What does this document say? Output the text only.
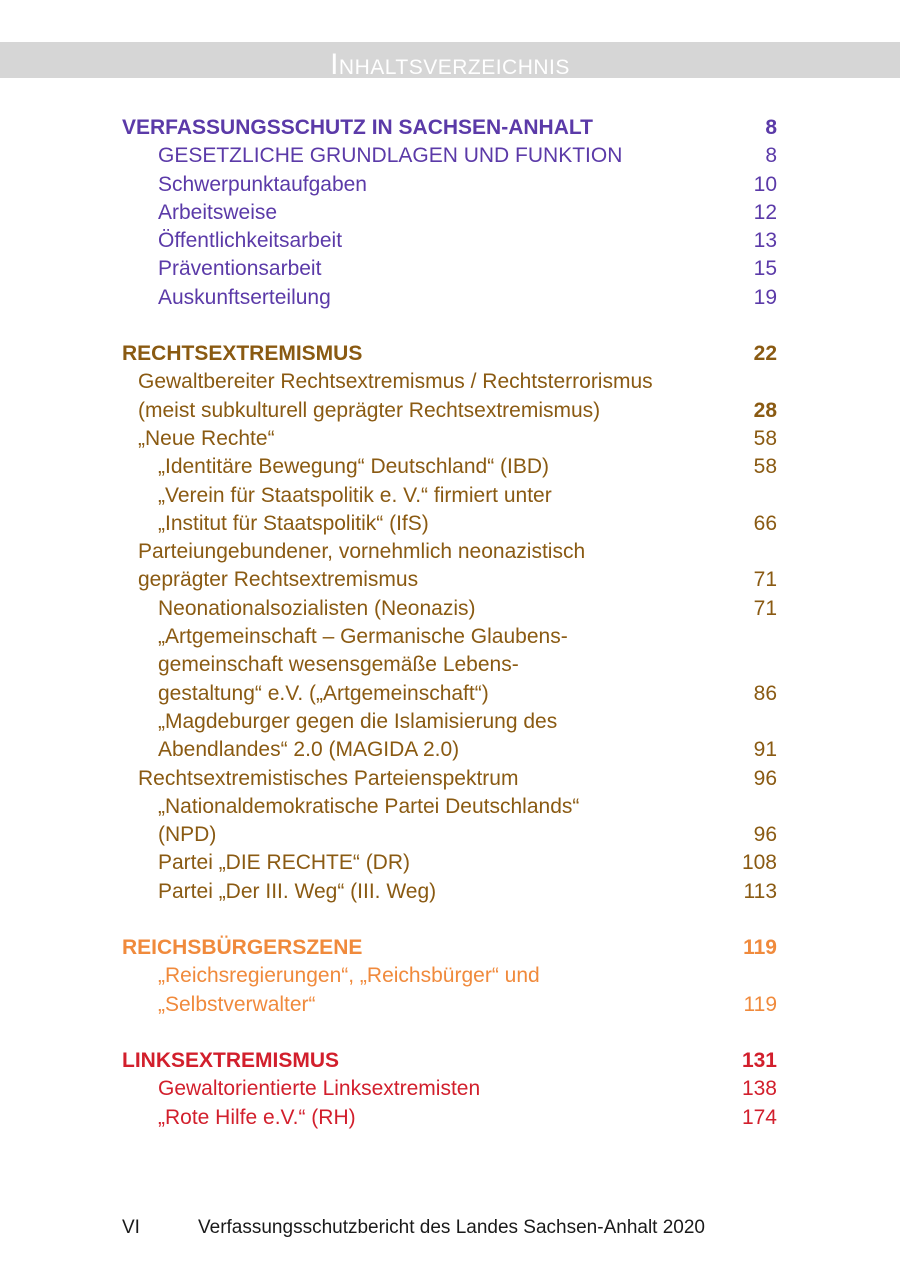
Inhaltsverzeichnis
VERFASSUNGSSCHUTZ IN SACHSEN-ANHALT	8
GESETZLICHE GRUNDLAGEN UND FUNKTION	8
Schwerpunktaufgaben	10
Arbeitsweise	12
Öffentlichkeitsarbeit	13
Präventionsarbeit	15
Auskunftserteilung	19
RECHTSEXTREMISMUS	22
Gewaltbereiter Rechtsextremismus / Rechtsterrorismus
(meist subkulturell geprägter Rechtsextremismus)	28
„Neue Rechte“	58
„Identitäre Bewegung“ Deutschland“ (IBD)	58
„Verein für Staatspolitik e. V.“ firmiert unter
„Institut für Staatspolitik“ (IfS)	66
Parteiungebundener, vornehmlich neonazistisch
geprägter Rechtsextremismus	71
Neonationalsozialisten (Neonazis)	71
„Artgemeinschaft – Germanische Glaubens-
gemeinschaft wesensgemäße Lebens-
gestaltung“ e.V. („Artgemeinschaft“)	86
„Magdeburger gegen die Islamisierung des
Abendlandes“ 2.0 (MAGIDA 2.0)	91
Rechtsextremistisches Parteienspektrum	96
„Nationaldemokratische Partei Deutschlands“
(NPD)	96
Partei „DIE RECHTE“ (DR)	108
Partei „Der III. Weg“ (III. Weg)	113
REICHSBÜRGERSZENE	119
„Reichsregierungen“, „Reichsbürger“ und
„Selbstverwalter“	119
LINKSEXTREMISMUS	131
Gewaltorientierte Linksextremisten	138
„Rote Hilfe e.V.“ (RH)	174
VI	Verfassungsschutzbericht des Landes Sachsen-Anhalt 2020
